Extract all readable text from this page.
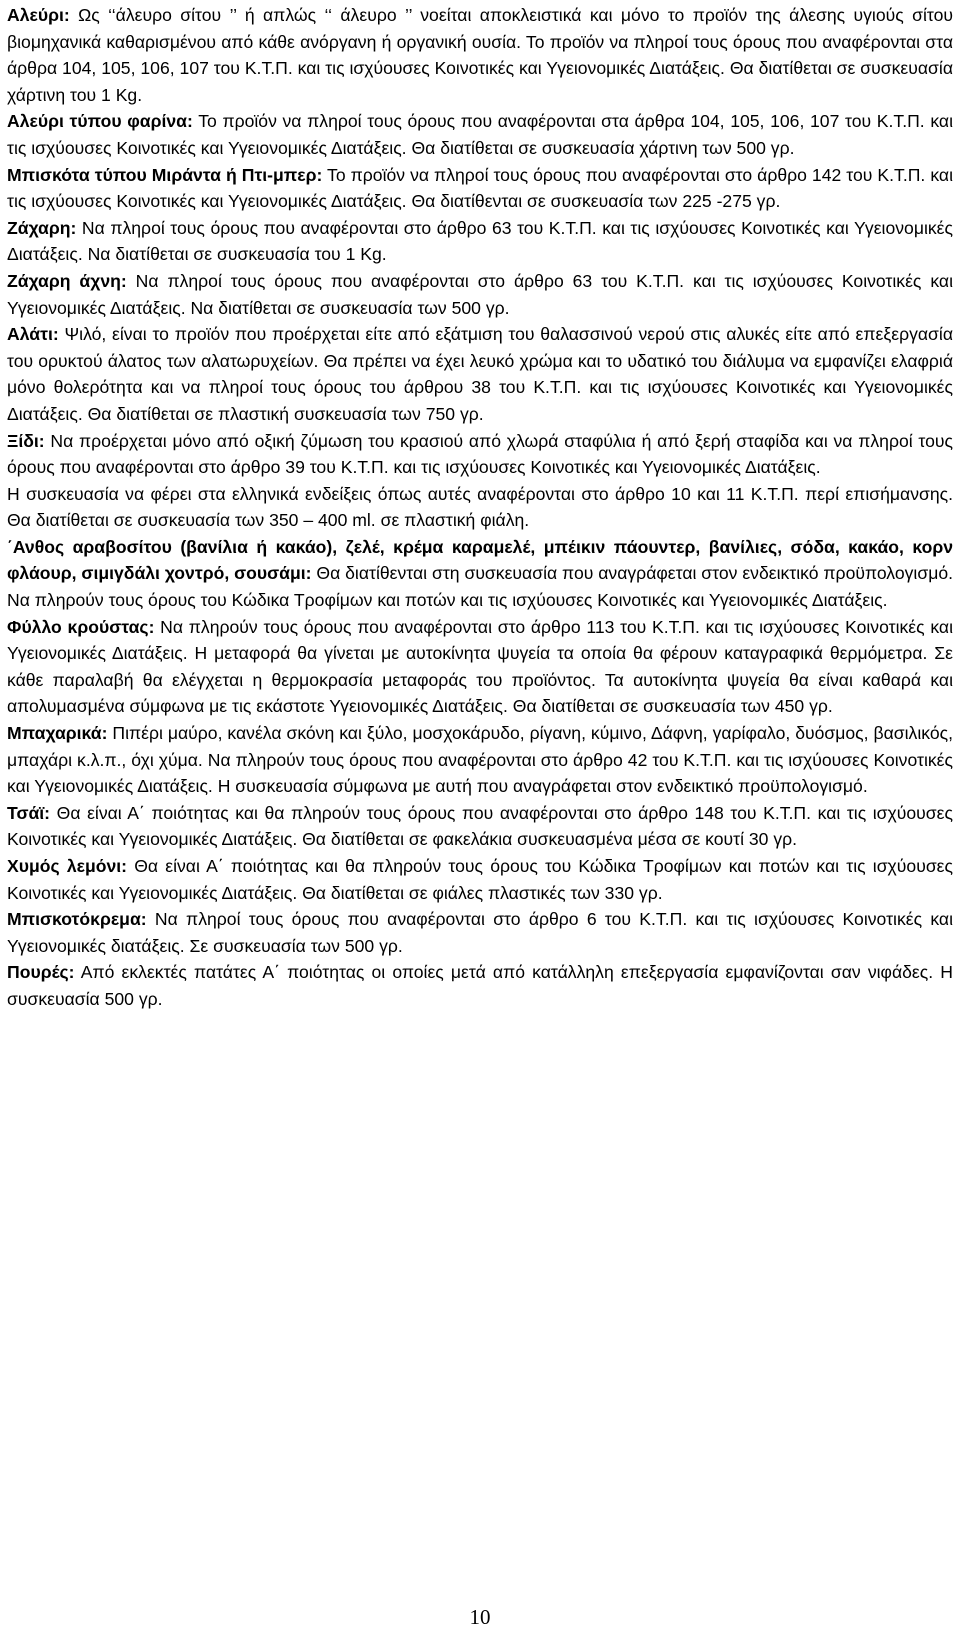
Αλεύρι: Ως ‘‘άλευρο σίτου ’’ ή απλώς ‘‘ άλευρο ’’ νοείται αποκλειστικά και μόνο το προϊόν της άλεσης υγιούς σίτου βιομηχανικά καθαρισμένου από κάθε ανόργανη ή οργανική ουσία. Το προϊόν να πληροί τους όρους που αναφέρονται στα άρθρα 104, 105, 106, 107 του Κ.Τ.Π. και τις ισχύουσες Κοινοτικές και Υγειονομικές Διατάξεις. Θα διατίθεται σε συσκευασία χάρτινη του 1 Kg.

Αλεύρι τύπου φαρίνα: Το προϊόν να πληροί τους όρους που αναφέρονται στα άρθρα 104, 105, 106, 107 του Κ.Τ.Π. και τις ισχύουσες Κοινοτικές και Υγειονομικές Διατάξεις. Θα διατίθεται σε συσκευασία χάρτινη των 500 γρ.

Μπισκότα τύπου Μιράντα ή Πτι-μπερ: Το προϊόν να πληροί τους όρους που αναφέρονται στο άρθρο 142 του Κ.Τ.Π. και τις ισχύουσες Κοινοτικές και Υγειονομικές Διατάξεις. Θα διατίθενται σε συσκευασία των 225 -275 γρ.

Ζάχαρη: Να πληροί τους όρους που αναφέρονται στο άρθρο 63 του Κ.Τ.Π. και τις ισχύουσες Κοινοτικές και Υγειονομικές Διατάξεις. Να διατίθεται σε συσκευασία του 1 Kg.

Ζάχαρη άχνη: Να πληροί τους όρους που αναφέρονται στο άρθρο 63 του Κ.Τ.Π. και τις ισχύουσες Κοινοτικές και Υγειονομικές Διατάξεις. Να διατίθεται σε συσκευασία των 500 γρ.

Αλάτι: Ψιλό, είναι το προϊόν που προέρχεται είτε από εξάτμιση του θαλασσινού νερού στις αλυκές είτε από επεξεργασία του ορυκτού άλατος των αλατωρυχείων. Θα πρέπει να έχει λευκό χρώμα και το υδατικό του διάλυμα να εμφανίζει ελαφριά μόνο θολερότητα και να πληροί τους όρους του άρθρου 38 του Κ.Τ.Π. και τις ισχύουσες Κοινοτικές και Υγειονομικές Διατάξεις. Θα διατίθεται σε πλαστική συσκευασία των 750 γρ.

Ξίδι: Να προέρχεται μόνο από οξική ζύμωση του κρασιού από χλωρά σταφύλια ή από ξερή σταφίδα και να πληροί τους όρους που αναφέρονται στο άρθρο 39 του Κ.Τ.Π. και τις ισχύουσες Κοινοτικές και Υγειονομικές Διατάξεις.

Η συσκευασία να φέρει στα ελληνικά ενδείξεις όπως αυτές αναφέρονται στο άρθρο 10 και 11 Κ.Τ.Π. περί επισήμανσης. Θα διατίθεται σε συσκευασία των 350 – 400 ml. σε πλαστική φιάλη.

΄Ανθος αραβοσίτου (βανίλια ή κακάο), ζελέ, κρέμα καραμελέ, μπέικιν πάουντερ, βανίλιες, σόδα, κακάο, κορν φλάουρ, σιμιγδάλι χοντρό, σουσάμι: Θα διατίθενται στη συσκευασία που αναγράφεται στον ενδεικτικό προϋπολογισμό. Να πληρούν τους όρους του Κώδικα Τροφίμων και ποτών και τις ισχύουσες Κοινοτικές και Υγειονομικές Διατάξεις.

Φύλλο κρούστας: Να πληρούν τους όρους που αναφέρονται στο άρθρο 113 του Κ.Τ.Π. και τις ισχύουσες Κοινοτικές και Υγειονομικές Διατάξεις. Η μεταφορά θα γίνεται με αυτοκίνητα ψυγεία τα οποία θα φέρουν καταγραφικά θερμόμετρα. Σε κάθε παραλαβή θα ελέγχεται η θερμοκρασία μεταφοράς του προϊόντος. Τα αυτοκίνητα ψυγεία θα είναι καθαρά και απολυμασμένα σύμφωνα με τις εκάστοτε Υγειονομικές Διατάξεις. Θα διατίθεται σε συσκευασία των 450 γρ.

Μπαχαρικά: Πιπέρι μαύρο, κανέλα σκόνη και ξύλο, μοσχοκάρυδο, ρίγανη, κύμινο, Δάφνη, γαρίφαλο, δυόσμος, βασιλικός, μπαχάρι κ.λ.π., όχι χύμα. Να πληρούν τους όρους που αναφέρονται στο άρθρο 42 του Κ.Τ.Π. και τις ισχύουσες Κοινοτικές και Υγειονομικές Διατάξεις. Η συσκευασία σύμφωνα με αυτή που αναγράφεται στον ενδεικτικό προϋπολογισμό.

Τσάϊ: Θα είναι Α΄ ποιότητας και θα πληρούν τους όρους που αναφέρονται στο άρθρο 148 του Κ.Τ.Π. και τις ισχύουσες Κοινοτικές και Υγειονομικές Διατάξεις. Θα διατίθεται σε φακελάκια συσκευασμένα μέσα σε κουτί 30 γρ.

Χυμός λεμόνι: Θα είναι Α΄ ποιότητας και θα πληρούν τους όρους του Κώδικα Τροφίμων και ποτών και τις ισχύουσες Κοινοτικές και Υγειονομικές Διατάξεις. Θα διατίθεται σε φιάλες πλαστικές των 330 γρ.

Μπισκοτόκρεμα: Να πληροί τους όρους που αναφέρονται στο άρθρο 6 του Κ.Τ.Π. και τις ισχύουσες Κοινοτικές και Υγειονομικές διατάξεις. Σε συσκευασία των 500 γρ.

Πουρές: Από εκλεκτές πατάτες Α΄ ποιότητας οι οποίες μετά από κατάλληλη επεξεργασία εμφανίζονται σαν νιφάδες. Η συσκευασία 500 γρ.

10
